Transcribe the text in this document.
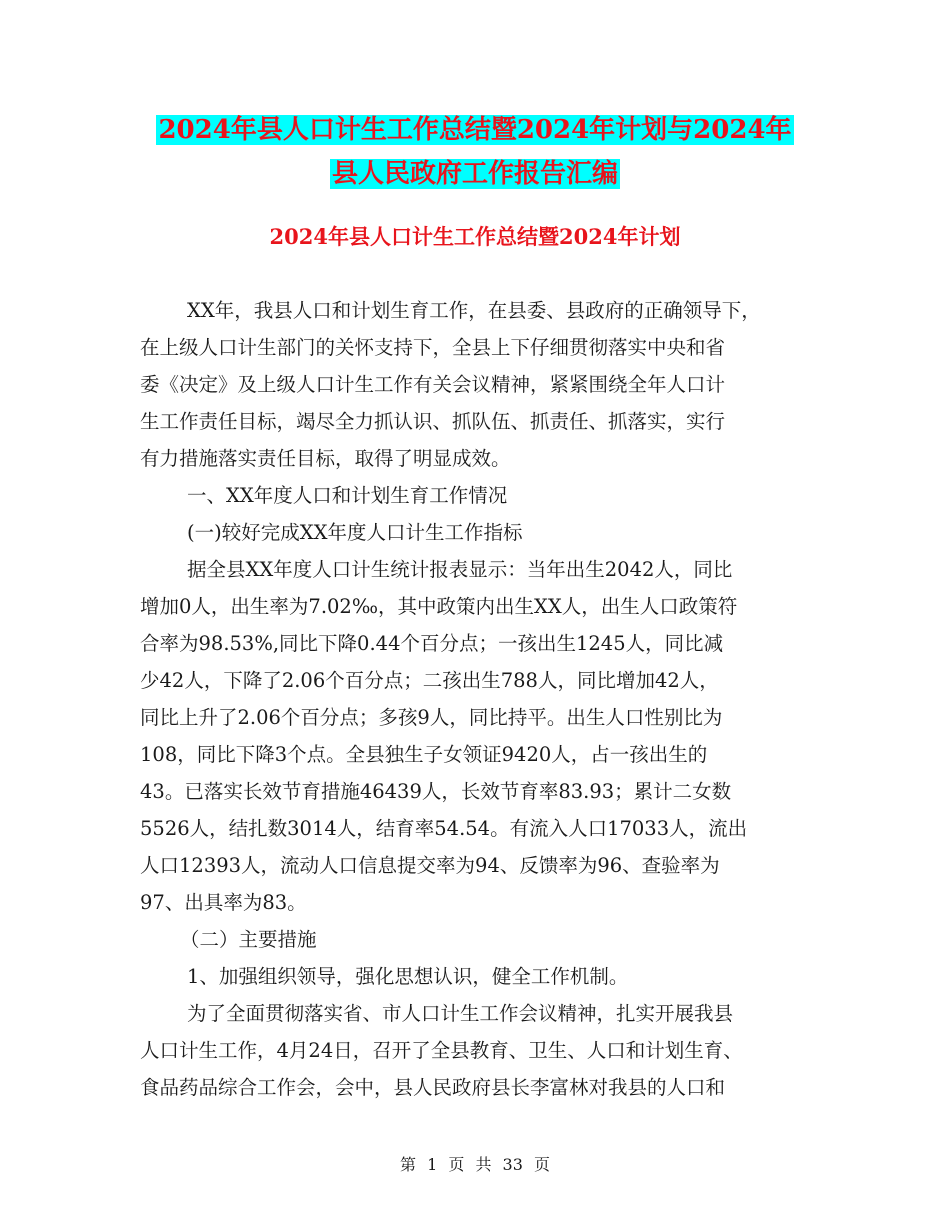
2024年县人口计生工作总结暨2024年计划与2024年
县人民政府工作报告汇编
2024年县人口计生工作总结暨2024年计划
XX年，我县人口和计划生育工作，在县委、县政府的正确领导下，
在上级人口计生部门的关怀支持下，全县上下仔细贯彻落实中央和省
委《决定》及上级人口计生工作有关会议精神，紧紧围绕全年人口计
生工作责任目标，竭尽全力抓认识、抓队伍、抓责任、抓落实，实行
有力措施落实责任目标，取得了明显成效。
一、XX年度人口和计划生育工作情况
(一)较好完成XX年度人口计生工作指标
据全县XX年度人口计生统计报表显示：当年出生2042人，同比
增加0人，出生率为7.02‰，其中政策内出生XX人，出生人口政策符
合率为98.53%,同比下降0.44个百分点；一孩出生1245人，同比减
少42人，下降了2.06个百分点；二孩出生788人，同比增加42人，
同比上升了2.06个百分点；多孩9人，同比持平。出生人口性别比为
108，同比下降3个点。全县独生子女领证9420人，占一孩出生的
43。已落实长效节育措施46439人，长效节育率83.93；累计二女数
5526人，结扎数3014人，结育率54.54。有流入人口17033人，流出
人口12393人，流动人口信息提交率为94、反馈率为96、查验率为
97、出具率为83。
（二）主要措施
1、加强组织领导，强化思想认识，健全工作机制。
为了全面贯彻落实省、市人口计生工作会议精神，扎实开展我县
人口计生工作，4月24日，召开了全县教育、卫生、人口和计划生育、
食品药品综合工作会，会中，县人民政府县长李富林对我县的人口和
第 1 页 共 33 页
